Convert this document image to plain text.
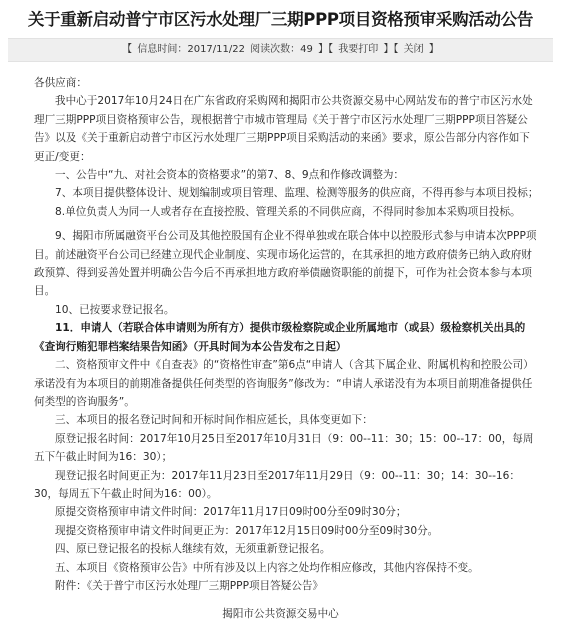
关于重新启动普宁市区污水处理厂三期PPP项目资格预审采购活动公告
【 信息时间：2017/11/22 阅读次数：49 】【 我要打印 】【 关闭 】

各供应商：

我中心于2017年10月24日在广东省政府采购网和揭阳市公共资源交易中心网站发布的普宁市区污水处理厂三期PPP项目资格预审公告，现根据普宁市城市管理局《关于普宁市区污水处理厂三期PPP项目答疑公告》以及《关于重新启动普宁市区污水处理厂三期PPP项目采购活动的来函》要求，原公告部分内容作如下更正/变更：

一、公告中“九、对社会资本的资格要求”的第7、8、9点和作修改调整为：

7、本项目提供整体设计、规划编制或项目管理、监理、检测等服务的供应商，不得再参与本项目投标；

8.单位负责人为同一人或者存在直接控股、管理关系的不同供应商，不得同时参加本采购项目投标。

9、揭阳市所属融资平台公司及其他控股国有企业不得单独或在联合体中以控股形式参与申请本次PPP项目。前述融资平台公司已经建立现代企业制度、实现市场化运营的，在其承担的地方政府债务已纳入政府财政预算、得到妥善处置并明确公告今后不再承担地方政府举债融资职能的前提下，可作为社会资本参与本项目。

10、已按要求登记报名。

11．申请人（若联合体申请则为所有方）提供市级检察院或企业所属地市（或县）级检察机关出具的《查询行贿犯罪档案结果告知函》（开具时间为本公告发布之日起）

二、资格预审文件中《自查表》的“资格性审查”第6点“申请人（含其下属企业、附属机构和控股公司）承诺没有为本项目的前期准备提供任何类型的咨询服务”修改为：“申请人承诺没有为本项目前期准备提供任何类型的咨询服务”。

三、本项目的报名登记时间和开标时间作相应延长，具体变更如下：

原登记报名时间：2017年10月25日至2017年10月31日（9：00--11：30；15：00--17：00，每周五下午截止时间为16：30）；

现登记报名时间更正为：2017年11月23日至2017年11月29日（9：00--11：30；14：30--16：30，每周五下午截止时间为16：00）。

原提交资格预审申请文件时间：2017年11月17日09时00分至09时30分；

现提交资格预审申请文件时间更正为：2017年12月15日09时00分至09时30分。

四、原已登记报名的投标人继续有效，无须重新登记报名。

五、本项目《资格预审公告》中所有涉及以上内容之处均作相应修改，其他内容保持不变。

附件：《关于普宁市区污水处理厂三期PPP项目答疑公告》

揭阳市公共资源交易中心
